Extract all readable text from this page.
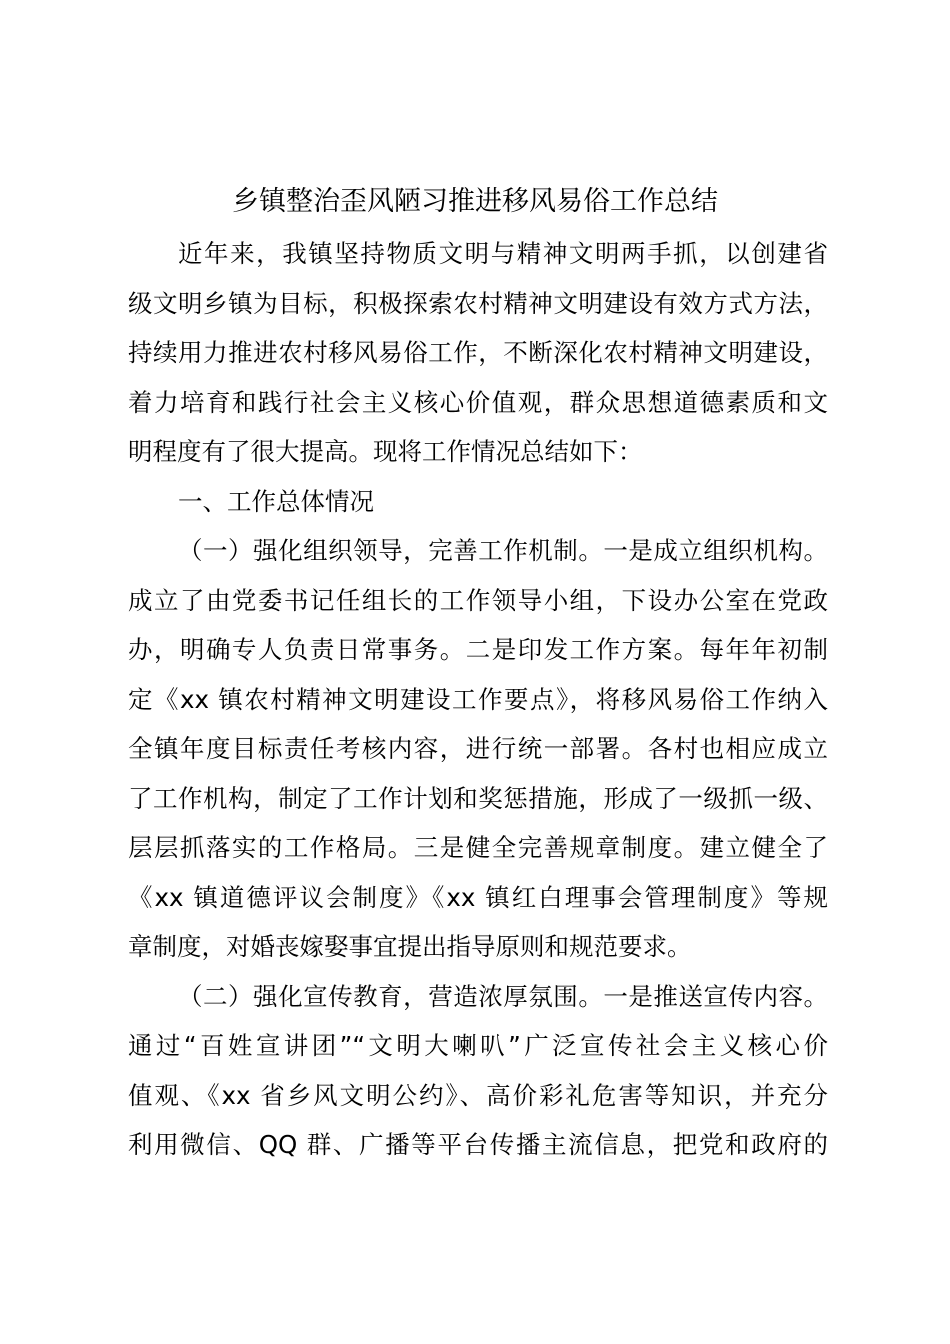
乡镇整治歪风陋习推进移风易俗工作总结
近年来，我镇坚持物质文明与精神文明两手抓，以创建省
级文明乡镇为目标，积极探索农村精神文明建设有效方式方法，
持续用力推进农村移风易俗工作，不断深化农村精神文明建设，
着力培育和践行社会主义核心价值观，群众思想道德素质和文
明程度有了很大提高。现将工作情况总结如下：
一、工作总体情况
（一）强化组织领导，完善工作机制。一是成立组织机构。
成立了由党委书记任组长的工作领导小组，下设办公室在党政
办，明确专人负责日常事务。二是印发工作方案。每年年初制
定《xx 镇农村精神文明建设工作要点》，将移风易俗工作纳入
全镇年度目标责任考核内容，进行统一部署。各村也相应成立
了工作机构，制定了工作计划和奖惩措施，形成了一级抓一级、
层层抓落实的工作格局。三是健全完善规章制度。建立健全了
《xx 镇道德评议会制度》《xx 镇红白理事会管理制度》等规
章制度，对婚丧嫁娶事宜提出指导原则和规范要求。
（二）强化宣传教育，营造浓厚氛围。一是推送宣传内容。
通过“百姓宣讲团”“文明大喇叭”广泛宣传社会主义核心价
值观、《xx 省乡风文明公约》、高价彩礼危害等知识，并充分
利用微信、QQ 群、广播等平台传播主流信息，把党和政府的
